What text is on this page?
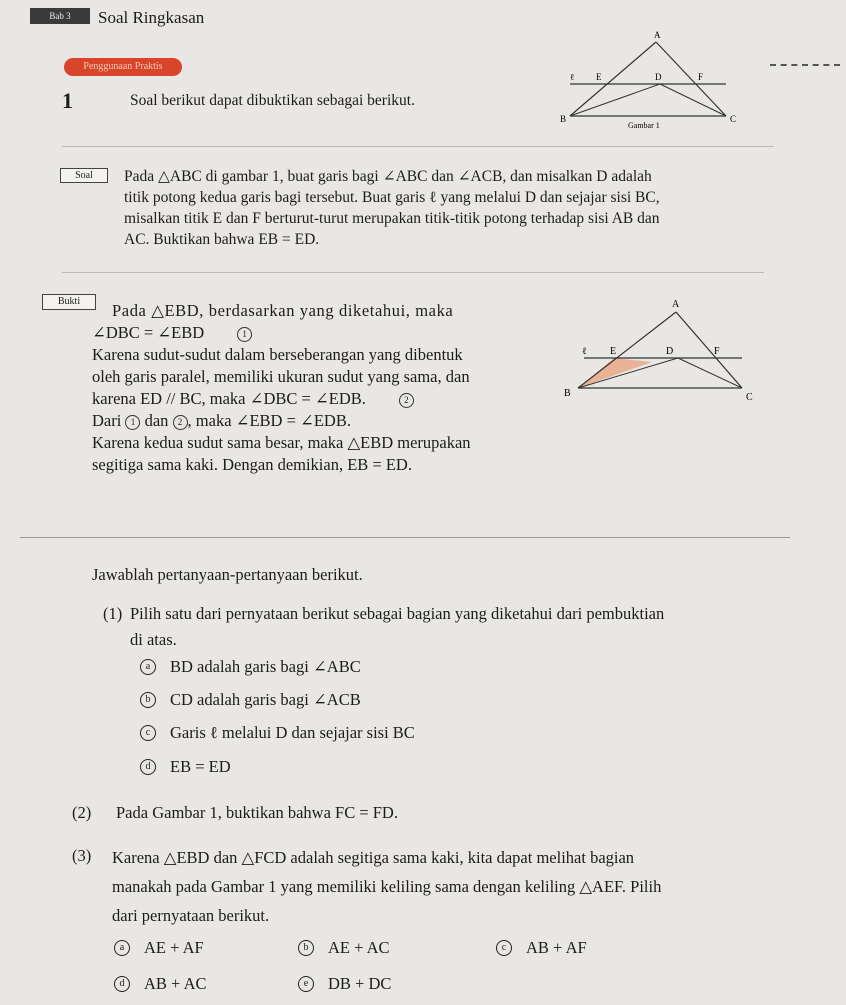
Bab 3	Soal Ringkasan
Penggunaan Praktis
1	Soal berikut dapat dibuktikan sebagai berikut.
A
B	C
D
E	F
ℓ
Gambar 1
Soal	Pada △ABC di gambar 1, buat garis bagi ∠ABC dan ∠ACB, dan misalkan D adalah
titik potong kedua garis bagi tersebut. Buat garis ℓ yang melalui D dan sejajar sisi BC,
misalkan titik E dan F berturut-turut merupakan titik-titik potong terhadap sisi AB dan
AC. Buktikan bahwa EB = ED.
Bukti	Pada △EBD, berdasarkan yang diketahui, maka
∠DBC = ∠EBD	1
Karena sudut-sudut dalam berseberangan yang dibentuk
oleh garis paralel, memiliki ukuran sudut yang sama, dan
karena ED // BC, maka ∠DBC = ∠EDB.	2
Dari 1 dan 2 , maka ∠EBD = ∠EDB.
Karena kedua sudut sama besar, maka △EBD merupakan
segitiga sama kaki. Dengan demikian, EB = ED.
A
B	C
D
E	F
ℓ
Jawablah pertanyaan-pertanyaan berikut.
(1) Pilih satu dari pernyataan berikut sebagai bagian yang diketahui dari pembuktian
di atas.
a	BD adalah garis bagi ∠ABC
b	CD adalah garis bagi ∠ACB
c	Garis ℓ melalui D dan sejajar sisi BC
d	EB = ED
(2) Pada Gambar 1, buktikan bahwa FC = FD.
(3) Karena △EBD dan △FCD adalah segitiga sama kaki, kita dapat melihat bagian
manakah pada Gambar 1 yang memiliki keliling sama dengan keliling △AEF. Pilih
dari pernyataan berikut.
a	AE + AF	b	AE + AC	c	AB + AF
d	AB + AC	e	DB + DC
